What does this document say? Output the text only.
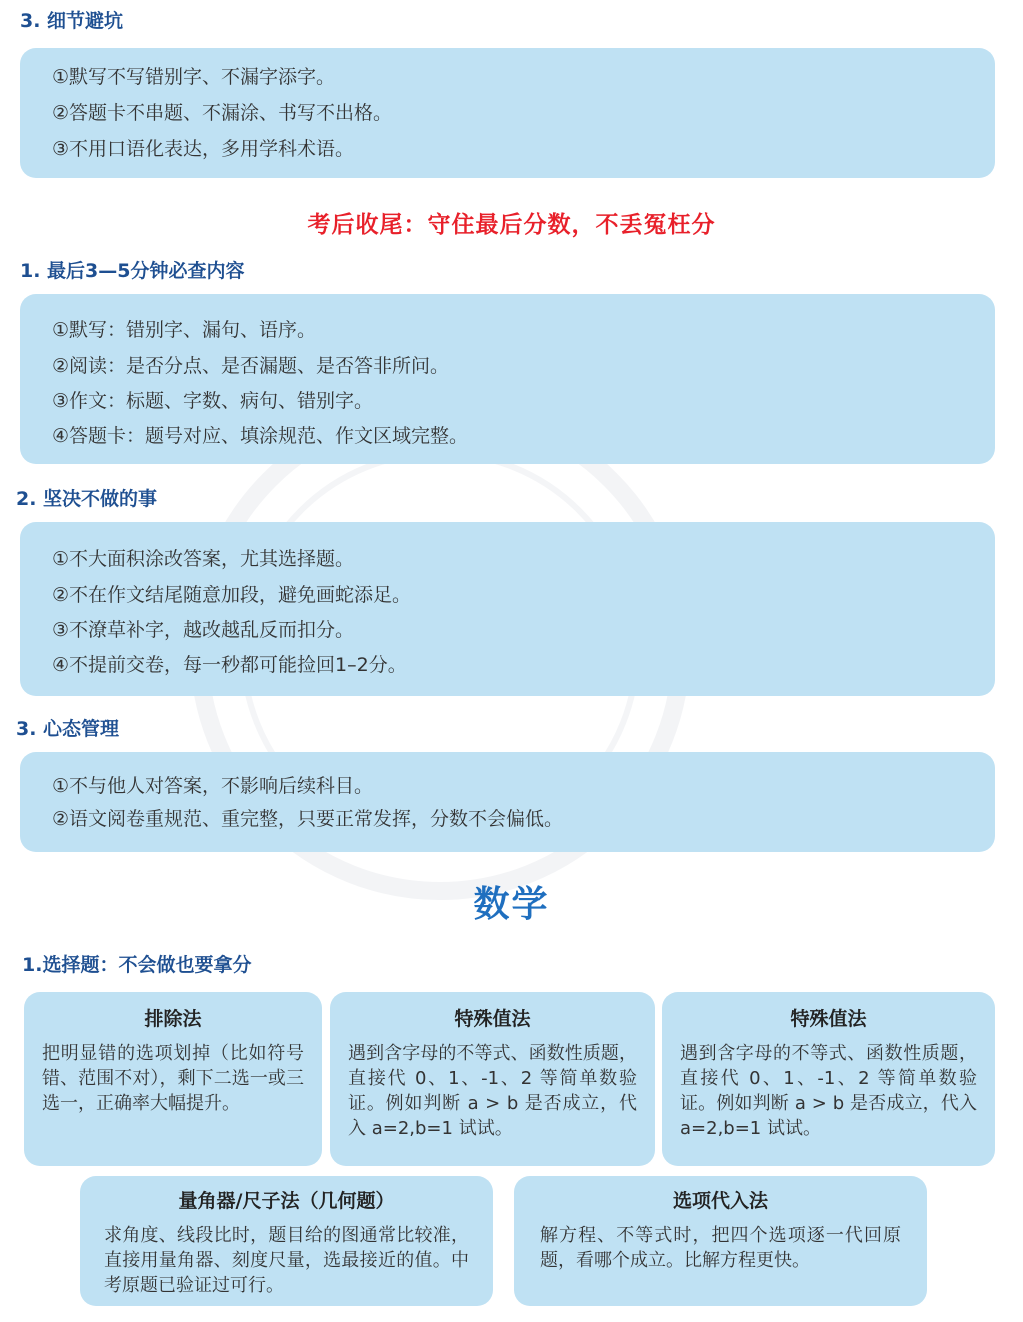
3. 细节避坑
①默写不写错别字、不漏字添字。
②答题卡不串题、不漏涂、书写不出格。
③不用口语化表达，多用学科术语。
考后收尾：守住最后分数，不丢冤枉分
1. 最后3—5分钟必查内容
①默写：错别字、漏句、语序。
②阅读：是否分点、是否漏题、是否答非所问。
③作文：标题、字数、病句、错别字。
④答题卡：题号对应、填涂规范、作文区域完整。
2. 坚决不做的事
①不大面积涂改答案，尤其选择题。
②不在作文结尾随意加段，避免画蛇添足。
③不潦草补字，越改越乱反而扣分。
④不提前交卷，每一秒都可能捡回1–2分。
3. 心态管理
①不与他人对答案，不影响后续科目。
②语文阅卷重规范、重完整，只要正常发挥，分数不会偏低。
数学
1.选择题：不会做也要拿分

排除法

把明显错的选项划掉（比如符号错、范围不对），剩下二选一或三选一，正确率大幅提升。

特殊值法

遇到含字母的不等式、函数性质题，直接代 0、1、-1、2 等简单数验证。例如判断 a > b 是否成立，代入 a=2,b=1 试试。

特殊值法

遇到含字母的不等式、函数性质题，直接代 0、1、-1、2 等简单数验证。例如判断 a > b 是否成立，代入 a=2,b=1 试试。

量角器/尺子法（几何题）

求角度、线段比时，题目给的图通常比较准，直接用量角器、刻度尺量，选最接近的值。中考原题已验证过可行。

选项代入法

解方程、不等式时，把四个选项逐一代回原题，看哪个成立。比解方程更快。
